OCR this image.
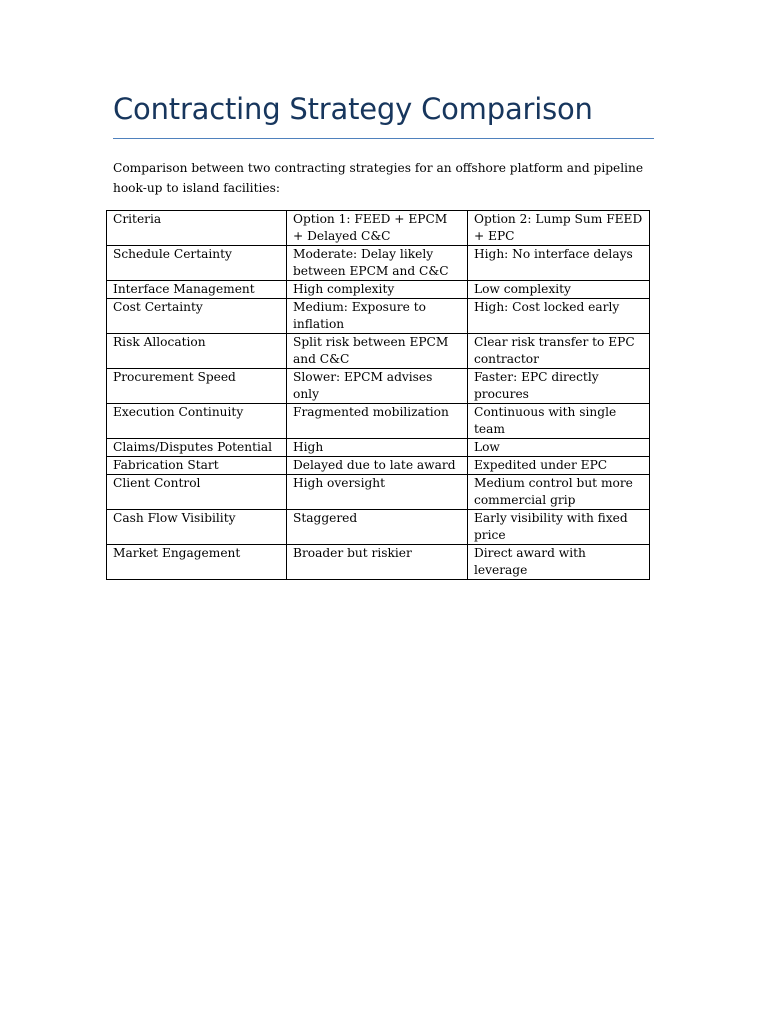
Contracting Strategy Comparison

Comparison between two contracting strategies for an offshore platform and pipeline hook-up to island facilities:

Criteria	Option 1: FEED + EPCM + Delayed C&C	Option 2: Lump Sum FEED + EPC
Schedule Certainty	Moderate: Delay likely between EPCM and C&C	High: No interface delays
Interface Management	High complexity	Low complexity
Cost Certainty	Medium: Exposure to inflation	High: Cost locked early
Risk Allocation	Split risk between EPCM and C&C	Clear risk transfer to EPC contractor
Procurement Speed	Slower: EPCM advises only	Faster: EPC directly procures
Execution Continuity	Fragmented mobilization	Continuous with single team
Claims/Disputes Potential	High	Low
Fabrication Start	Delayed due to late award	Expedited under EPC
Client Control	High oversight	Medium control but more commercial grip
Cash Flow Visibility	Staggered	Early visibility with fixed price
Market Engagement	Broader but riskier	Direct award with leverage
